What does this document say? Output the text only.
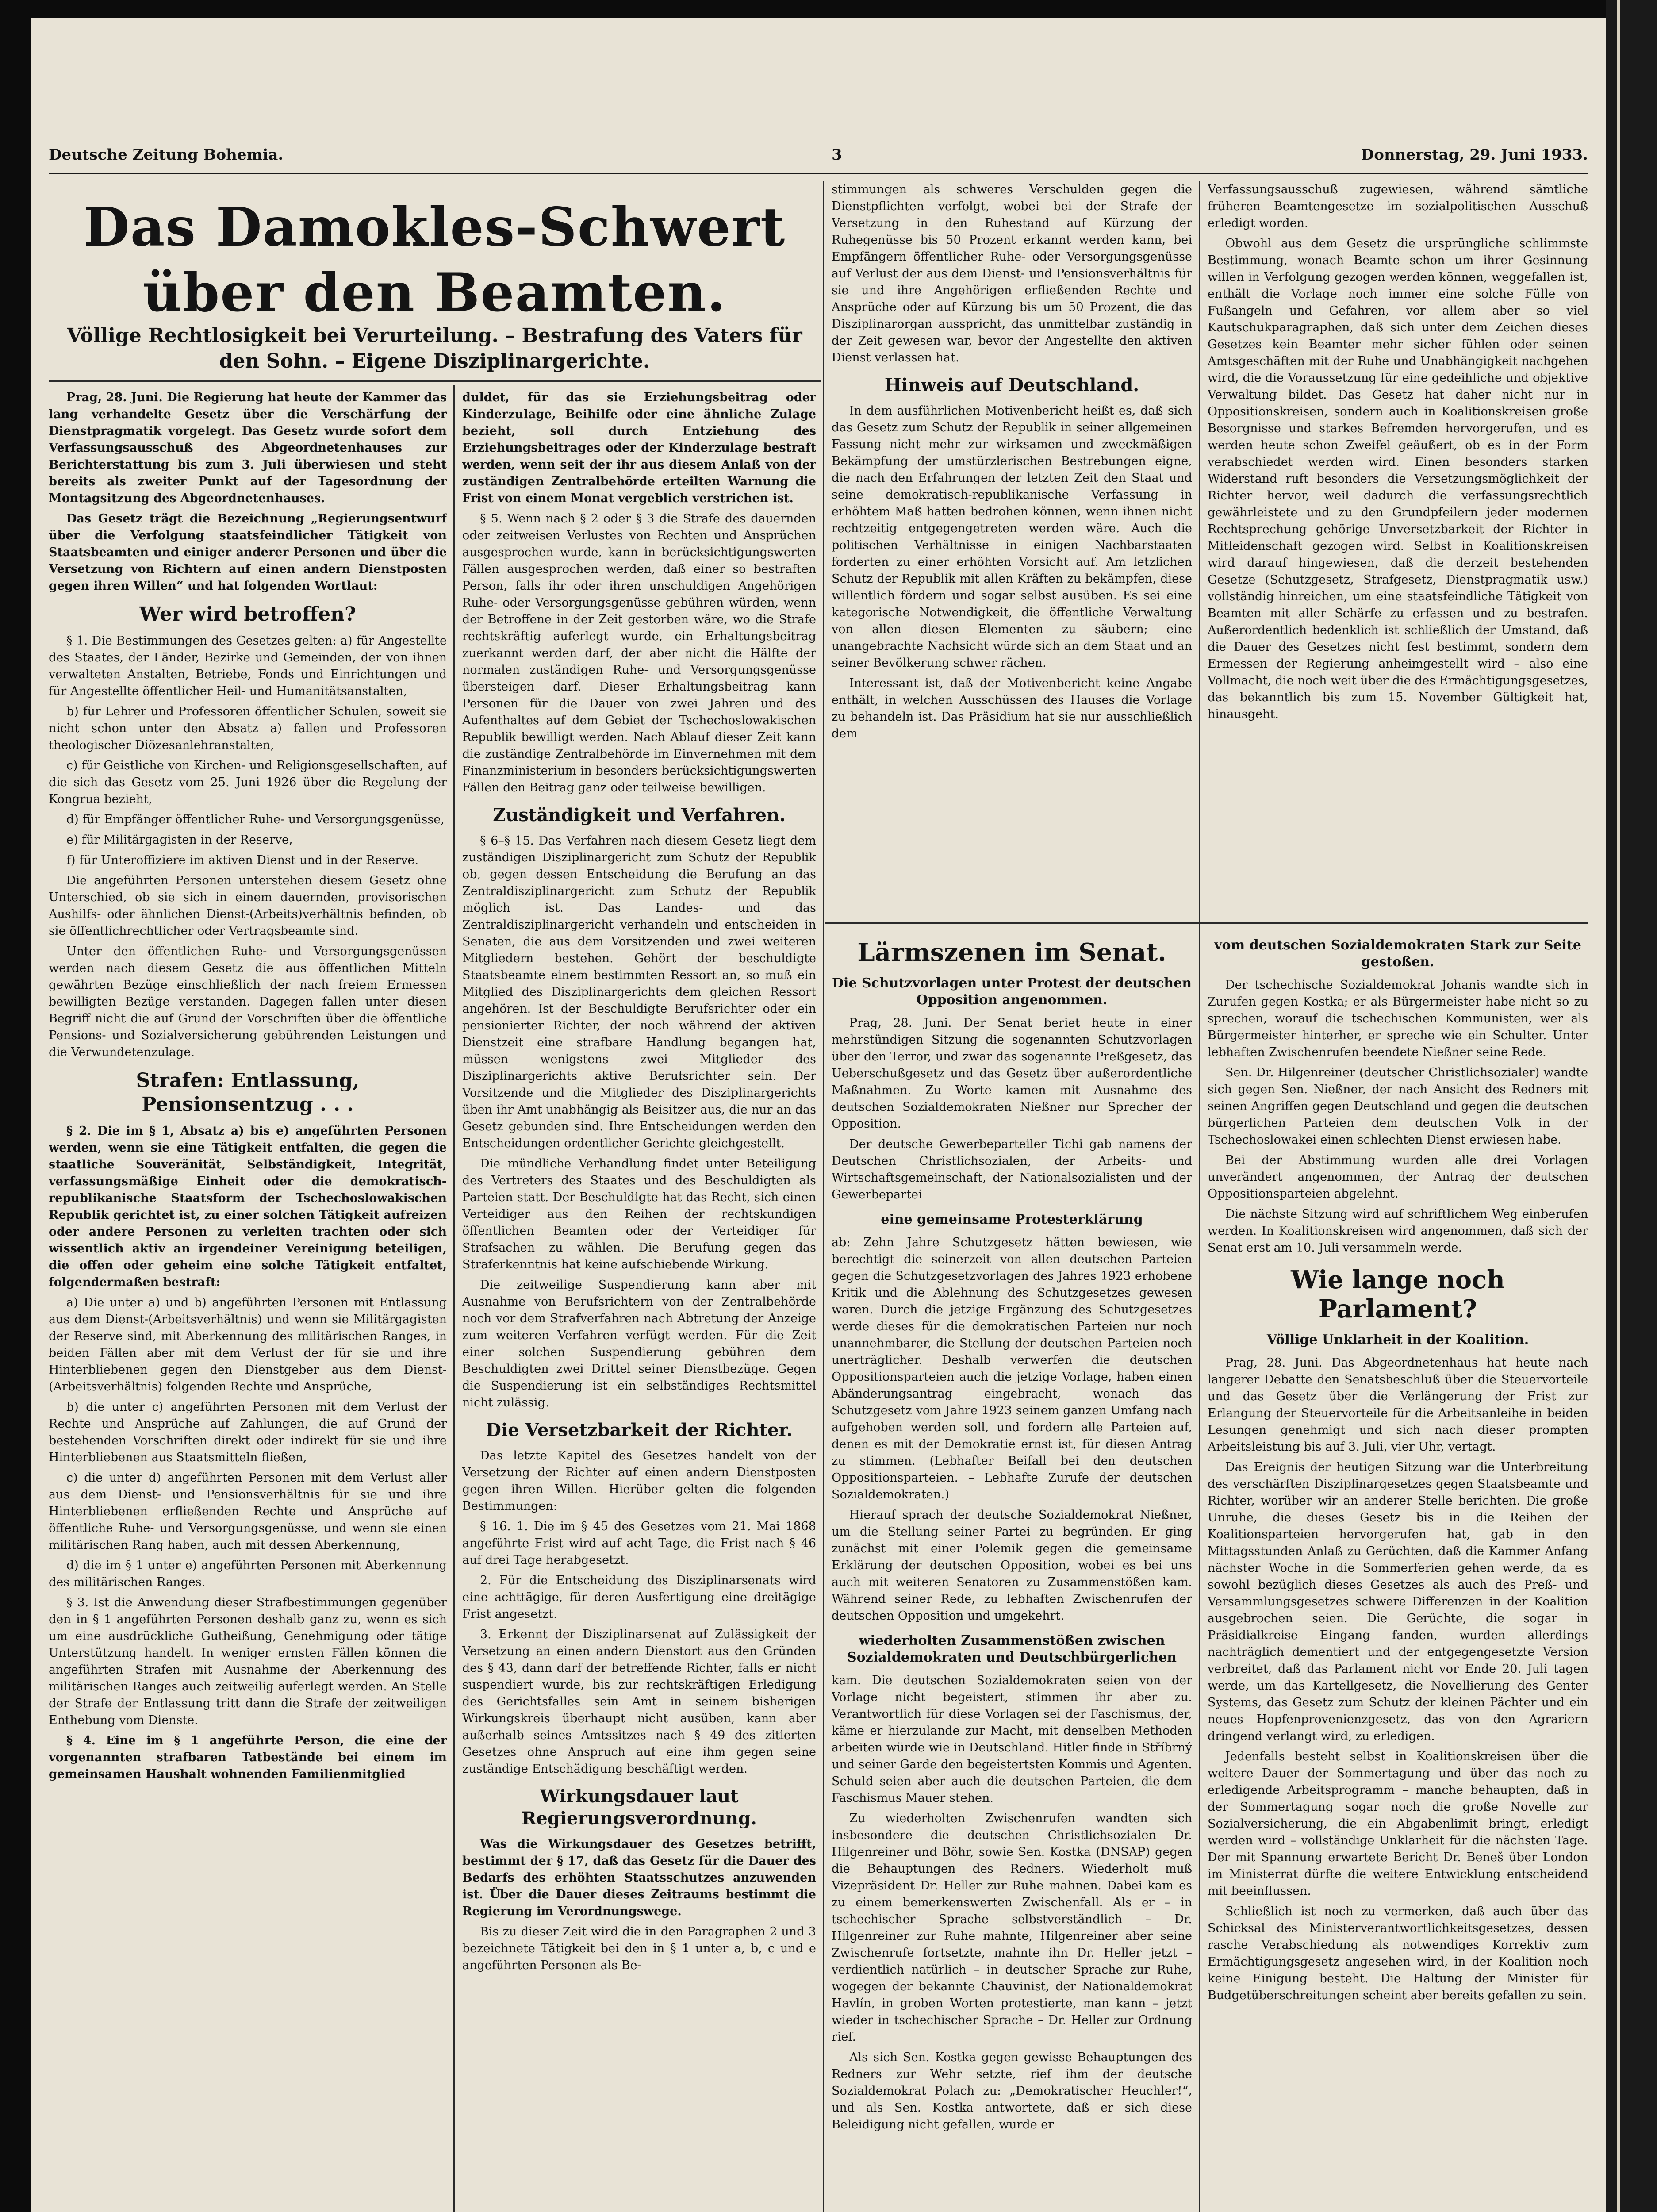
Deutsche Zeitung Bohemia.	3	Donnerstag, 29. Juni 1933.
Das Damokles-Schwert über den Beamten.
Völlige Rechtlosigkeit bei Verurteilung. – Bestrafung des Vaters für den Sohn. – Eigene Disziplinargerichte.

Prag, 28. Juni. Die Regierung hat heute der Kammer das lang verhandelte Gesetz über die Verschärfung der Dienstpragmatik vorgelegt. Das Gesetz wurde sofort dem Verfassungsausschuß des Abgeordnetenhauses zur Berichterstattung bis zum 3. Juli überwiesen und steht bereits als zweiter Punkt auf der Tagesordnung der Montagsitzung des Abgeordnetenhauses.

Das Gesetz trägt die Bezeichnung „Regierungsentwurf über die Verfolgung staatsfeindlicher Tätigkeit von Staatsbeamten und einiger anderer Personen und über die Versetzung von Richtern auf einen andern Dienstposten gegen ihren Willen“ und hat folgenden Wortlaut:

Wer wird betroffen?

§ 1. Die Bestimmungen des Gesetzes gelten: a) für Angestellte des Staates, der Länder, Bezirke und Gemeinden, der von ihnen verwalteten Anstalten, Betriebe, Fonds und Einrichtungen und für Angestellte öffentlicher Heil- und Humanitätsanstalten,

b) für Lehrer und Professoren öffentlicher Schulen, soweit sie nicht schon unter den Absatz a) fallen und Professoren theologischer Diözesanlehranstalten,

c) für Geistliche von Kirchen- und Religionsgesellschaften, auf die sich das Gesetz vom 25. Juni 1926 über die Regelung der Kongrua bezieht,

d) für Empfänger öffentlicher Ruhe- und Versorgungsgenüsse,

e) für Militärgagisten in der Reserve,

f) für Unteroffiziere im aktiven Dienst und in der Reserve.

Die angeführten Personen unterstehen diesem Gesetz ohne Unterschied, ob sie sich in einem dauernden, provisorischen Aushilfs- oder ähnlichen Dienst-(Arbeits)verhältnis befinden, ob sie öffentlichrechtlicher oder Vertragsbeamte sind.

Unter den öffentlichen Ruhe- und Versorgungsgenüssen werden nach diesem Gesetz die aus öffentlichen Mitteln gewährten Bezüge einschließlich der nach freiem Ermessen bewilligten Bezüge verstanden. Dagegen fallen unter diesen Begriff nicht die auf Grund der Vorschriften über die öffentliche Pensions- und Sozialversicherung gebührenden Leistungen und die Verwundetenzulage.

Strafen: Entlassung, Pensionsentzug . . .

§ 2. Die im § 1, Absatz a) bis e) angeführten Personen werden, wenn sie eine Tätigkeit entfalten, die gegen die staatliche Souveränität, Selbständigkeit, Integrität, verfassungsmäßige Einheit oder die demokratisch-republikanische Staatsform der Tschechoslowakischen Republik gerichtet ist, zu einer solchen Tätigkeit aufreizen oder andere Personen zu verleiten trachten oder sich wissentlich aktiv an irgendeiner Vereinigung beteiligen, die offen oder geheim eine solche Tätigkeit entfaltet, folgendermaßen bestraft:

a) Die unter a) und b) angeführten Personen mit Entlassung aus dem Dienst-(Arbeitsverhältnis) und wenn sie Militärgagisten der Reserve sind, mit Aberkennung des militärischen Ranges, in beiden Fällen aber mit dem Verlust der für sie und ihre Hinterbliebenen gegen den Dienstgeber aus dem Dienst-(Arbeitsverhältnis) folgenden Rechte und Ansprüche,

b) die unter c) angeführten Personen mit dem Verlust der Rechte und Ansprüche auf Zahlungen, die auf Grund der bestehenden Vorschriften direkt oder indirekt für sie und ihre Hinterbliebenen aus Staatsmitteln fließen,

c) die unter d) angeführten Personen mit dem Verlust aller aus dem Dienst- und Pensionsverhältnis für sie und ihre Hinterbliebenen erfließenden Rechte und Ansprüche auf öffentliche Ruhe- und Versorgungsgenüsse, und wenn sie einen militärischen Rang haben, auch mit dessen Aberkennung,

d) die im § 1 unter e) angeführten Personen mit Aberkennung des militärischen Ranges.

§ 3. Ist die Anwendung dieser Strafbestimmungen gegenüber den in § 1 angeführten Personen deshalb ganz zu, wenn es sich um eine ausdrückliche Gutheißung, Genehmigung oder tätige Unterstützung handelt. In weniger ernsten Fällen können die angeführten Strafen mit Ausnahme der Aberkennung des militärischen Ranges auch zeitweilig auferlegt werden. An Stelle der Strafe der Entlassung tritt dann die Strafe der zeitweiligen Enthebung vom Dienste.

§ 4. Eine im § 1 angeführte Person, die eine der vorgenannten strafbaren Tatbestände bei einem im gemeinsamen Haushalt wohnenden Familienmitglied

duldet, für das sie Erziehungsbeitrag oder Kinderzulage, Beihilfe oder eine ähnliche Zulage bezieht, soll durch Entziehung des Erziehungsbeitrages oder der Kinderzulage bestraft werden, wenn seit der ihr aus diesem Anlaß von der zuständigen Zentralbehörde erteilten Warnung die Frist von einem Monat vergeblich verstrichen ist.

§ 5. Wenn nach § 2 oder § 3 die Strafe des dauernden oder zeitweisen Verlustes von Rechten und Ansprüchen ausgesprochen wurde, kann in berücksichtigungswerten Fällen ausgesprochen werden, daß einer so bestraften Person, falls ihr oder ihren unschuldigen Angehörigen Ruhe- oder Versorgungsgenüsse gebühren würden, wenn der Betroffene in der Zeit gestorben wäre, wo die Strafe rechtskräftig auferlegt wurde, ein Erhaltungsbeitrag zuerkannt werden darf, der aber nicht die Hälfte der normalen zuständigen Ruhe- und Versorgungsgenüsse übersteigen darf. Dieser Erhaltungsbeitrag kann Personen für die Dauer von zwei Jahren und des Aufenthaltes auf dem Gebiet der Tschechoslowakischen Republik bewilligt werden. Nach Ablauf dieser Zeit kann die zuständige Zentralbehörde im Einvernehmen mit dem Finanzministerium in besonders berücksichtigungswerten Fällen den Beitrag ganz oder teilweise bewilligen.

Zuständigkeit und Verfahren.

§ 6–§ 15. Das Verfahren nach diesem Gesetz liegt dem zuständigen Disziplinargericht zum Schutz der Republik ob, gegen dessen Entscheidung die Berufung an das Zentraldisziplinargericht zum Schutz der Republik möglich ist. Das Landes- und das Zentraldisziplinargericht verhandeln und entscheiden in Senaten, die aus dem Vorsitzenden und zwei weiteren Mitgliedern bestehen. Gehört der beschuldigte Staatsbeamte einem bestimmten Ressort an, so muß ein Mitglied des Disziplinargerichts dem gleichen Ressort angehören. Ist der Beschuldigte Berufsrichter oder ein pensionierter Richter, der noch während der aktiven Dienstzeit eine strafbare Handlung begangen hat, müssen wenigstens zwei Mitglieder des Disziplinargerichts aktive Berufsrichter sein. Der Vorsitzende und die Mitglieder des Disziplinargerichts üben ihr Amt unabhängig als Beisitzer aus, die nur an das Gesetz gebunden sind. Ihre Entscheidungen werden den Entscheidungen ordentlicher Gerichte gleichgestellt.

Die mündliche Verhandlung findet unter Beteiligung des Vertreters des Staates und des Beschuldigten als Parteien statt. Der Beschuldigte hat das Recht, sich einen Verteidiger aus den Reihen der rechtskundigen öffentlichen Beamten oder der Verteidiger für Strafsachen zu wählen. Die Berufung gegen das Straferkenntnis hat keine aufschiebende Wirkung.

Die zeitweilige Suspendierung kann aber mit Ausnahme von Berufsrichtern von der Zentralbehörde noch vor dem Strafverfahren nach Abtretung der Anzeige zum weiteren Verfahren verfügt werden. Für die Zeit einer solchen Suspendierung gebühren dem Beschuldigten zwei Drittel seiner Dienstbezüge. Gegen die Suspendierung ist ein selbständiges Rechtsmittel nicht zulässig.

Die Versetzbarkeit der Richter.

Das letzte Kapitel des Gesetzes handelt von der Versetzung der Richter auf einen andern Dienstposten gegen ihren Willen. Hierüber gelten die folgenden Bestimmungen:

§ 16. 1. Die im § 45 des Gesetzes vom 21. Mai 1868 angeführte Frist wird auf acht Tage, die Frist nach § 46 auf drei Tage herabgesetzt.

2. Für die Entscheidung des Disziplinarsenats wird eine achttägige, für deren Ausfertigung eine dreitägige Frist angesetzt.

3. Erkennt der Disziplinarsenat auf Zulässigkeit der Versetzung an einen andern Dienstort aus den Gründen des § 43, dann darf der betreffende Richter, falls er nicht suspendiert wurde, bis zur rechtskräftigen Erledigung des Gerichtsfalles sein Amt in seinem bisherigen Wirkungskreis überhaupt nicht ausüben, kann aber außerhalb seines Amtssitzes nach § 49 des zitierten Gesetzes ohne Anspruch auf eine ihm gegen seine zuständige Entschädigung beschäftigt werden.

Wirkungsdauer laut Regierungsverordnung.

Was die Wirkungsdauer des Gesetzes betrifft, bestimmt der § 17, daß das Gesetz für die Dauer des Bedarfs des erhöhten Staatsschutzes anzuwenden ist. Über die Dauer dieses Zeitraums bestimmt die Regierung im Verordnungswege.

Bis zu dieser Zeit wird die in den Paragraphen 2 und 3 bezeichnete Tätigkeit bei den in § 1 unter a, b, c und e angeführten Personen als Be-

stimmungen als schweres Verschulden gegen die Dienstpflichten verfolgt, wobei bei der Strafe der Versetzung in den Ruhestand auf Kürzung der Ruhegenüsse bis 50 Prozent erkannt werden kann, bei Empfängern öffentlicher Ruhe- oder Versorgungsgenüsse auf Verlust der aus dem Dienst- und Pensionsverhältnis für sie und ihre Angehörigen erfließenden Rechte und Ansprüche oder auf Kürzung bis um 50 Prozent, die das Disziplinarorgan ausspricht, das unmittelbar zuständig in der Zeit gewesen war, bevor der Angestellte den aktiven Dienst verlassen hat.

Hinweis auf Deutschland.

In dem ausführlichen Motivenbericht heißt es, daß sich das Gesetz zum Schutz der Republik in seiner allgemeinen Fassung nicht mehr zur wirksamen und zweckmäßigen Bekämpfung der umstürzlerischen Bestrebungen eigne, die nach den Erfahrungen der letzten Zeit den Staat und seine demokratisch-republikanische Verfassung in erhöhtem Maß hatten bedrohen können, wenn ihnen nicht rechtzeitig entgegengetreten werden wäre. Auch die politischen Verhältnisse in einigen Nachbarstaaten forderten zu einer erhöhten Vorsicht auf. Am letzlichen Schutz der Republik mit allen Kräften zu bekämpfen, diese willentlich fördern und sogar selbst ausüben. Es sei eine kategorische Notwendigkeit, die öffentliche Verwaltung von allen diesen Elementen zu säubern; eine unangebrachte Nachsicht würde sich an dem Staat und an seiner Bevölkerung schwer rächen.

Interessant ist, daß der Motivenbericht keine Angabe enthält, in welchen Ausschüssen des Hauses die Vorlage zu behandeln ist. Das Präsidium hat sie nur ausschließlich dem

Verfassungsausschuß zugewiesen, während sämtliche früheren Beamtengesetze im sozialpolitischen Ausschuß erledigt worden.

Obwohl aus dem Gesetz die ursprüngliche schlimmste Bestimmung, wonach Beamte schon um ihrer Gesinnung willen in Verfolgung gezogen werden können, weggefallen ist, enthält die Vorlage noch immer eine solche Fülle von Fußangeln und Gefahren, vor allem aber so viel Kautschukparagraphen, daß sich unter dem Zeichen dieses Gesetzes kein Beamter mehr sicher fühlen oder seinen Amtsgeschäften mit der Ruhe und Unabhängigkeit nachgehen wird, die die Voraussetzung für eine gedeihliche und objektive Verwaltung bildet. Das Gesetz hat daher nicht nur in Oppositionskreisen, sondern auch in Koalitionskreisen große Besorgnisse und starkes Befremden hervorgerufen, und es werden heute schon Zweifel geäußert, ob es in der Form verabschiedet werden wird. Einen besonders starken Widerstand ruft besonders die Versetzungsmöglichkeit der Richter hervor, weil dadurch die verfassungsrechtlich gewährleistete und zu den Grundpfeilern jeder modernen Rechtsprechung gehörige Unversetzbarkeit der Richter in Mitleidenschaft gezogen wird. Selbst in Koalitionskreisen wird darauf hingewiesen, daß die derzeit bestehenden Gesetze (Schutzgesetz, Strafgesetz, Dienstpragmatik usw.) vollständig hinreichen, um eine staatsfeindliche Tätigkeit von Beamten mit aller Schärfe zu erfassen und zu bestrafen. Außerordentlich bedenklich ist schließlich der Umstand, daß die Dauer des Gesetzes nicht fest bestimmt, sondern dem Ermessen der Regierung anheimgestellt wird – also eine Vollmacht, die noch weit über die des Ermächtigungsgesetzes, das bekanntlich bis zum 15. November Gültigkeit hat, hinausgeht.

Lärmszenen im Senat.
Die Schutzvorlagen unter Protest der deutschen Opposition angenommen.

Prag, 28. Juni. Der Senat beriet heute in einer mehrstündigen Sitzung die sogenannten Schutzvorlagen über den Terror, und zwar das sogenannte Preßgesetz, das Ueberschußgesetz und das Gesetz über außerordentliche Maßnahmen. Zu Worte kamen mit Ausnahme des deutschen Sozialdemokraten Nießner nur Sprecher der Opposition.

Der deutsche Gewerbeparteiler Tichi gab namens der Deutschen Christlichsozialen, der Arbeits- und Wirtschaftsgemeinschaft, der Nationalsozialisten und der Gewerbepartei

eine gemeinsame Protesterklärung

ab: Zehn Jahre Schutzgesetz hätten bewiesen, wie berechtigt die seinerzeit von allen deutschen Parteien gegen die Schutzgesetzvorlagen des Jahres 1923 erhobene Kritik und die Ablehnung des Schutzgesetzes gewesen waren. Durch die jetzige Ergänzung des Schutzgesetzes werde dieses für die demokratischen Parteien nur noch unannehmbarer, die Stellung der deutschen Parteien noch unerträglicher. Deshalb verwerfen die deutschen Oppositionsparteien auch die jetzige Vorlage, haben einen Abänderungsantrag eingebracht, wonach das Schutzgesetz vom Jahre 1923 seinem ganzen Umfang nach aufgehoben werden soll, und fordern alle Parteien auf, denen es mit der Demokratie ernst ist, für diesen Antrag zu stimmen. (Lebhafter Beifall bei den deutschen Oppositionsparteien. – Lebhafte Zurufe der deutschen Sozialdemokraten.)

Hierauf sprach der deutsche Sozialdemokrat Nießner, um die Stellung seiner Partei zu begründen. Er ging zunächst mit einer Polemik gegen die gemeinsame Erklärung der deutschen Opposition, wobei es bei uns auch mit weiteren Senatoren zu Zusammenstößen kam. Während seiner Rede, zu lebhaften Zwischenrufen der deutschen Opposition und umgekehrt.

wiederholten Zusammenstößen zwischen Sozialdemokraten und Deutschbürgerlichen

kam. Die deutschen Sozialdemokraten seien von der Vorlage nicht begeistert, stimmen ihr aber zu. Verantwortlich für diese Vorlagen sei der Faschismus, der, käme er hierzulande zur Macht, mit denselben Methoden arbeiten würde wie in Deutschland. Hitler finde in Stříbrný und seiner Garde den begeistertsten Kommis und Agenten. Schuld seien aber auch die deutschen Parteien, die dem Faschismus Mauer stehen.

Zu wiederholten Zwischenrufen wandten sich insbesondere die deutschen Christlichsozialen Dr. Hilgenreiner und Böhr, sowie Sen. Kostka (DNSAP) gegen die Behauptungen des Redners. Wiederholt muß Vizepräsident Dr. Heller zur Ruhe mahnen. Dabei kam es zu einem bemerkenswerten Zwischenfall. Als er – in tschechischer Sprache selbstverständlich – Dr. Hilgenreiner zur Ruhe mahnte, Hilgenreiner aber seine Zwischenrufe fortsetzte, mahnte ihn Dr. Heller jetzt – verdientlich natürlich – in deutscher Sprache zur Ruhe, wogegen der bekannte Chauvinist, der Nationaldemokrat Havlín, in groben Worten protestierte, man kann – jetzt wieder in tschechischer Sprache – Dr. Heller zur Ordnung rief.

Als sich Sen. Kostka gegen gewisse Behauptungen des Redners zur Wehr setzte, rief ihm der deutsche Sozialdemokrat Polach zu: „Demokratischer Heuchler!“, und als Sen. Kostka antwortete, daß er sich diese Beleidigung nicht gefallen, wurde er

vom deutschen Sozialdemokraten Stark zur Seite gestoßen.

Der tschechische Sozialdemokrat Johanis wandte sich in Zurufen gegen Kostka; er als Bürgermeister habe nicht so zu sprechen, worauf die tschechischen Kommunisten, wer als Bürgermeister hinterher, er spreche wie ein Schulter. Unter lebhaften Zwischenrufen beendete Nießner seine Rede.

Sen. Dr. Hilgenreiner (deutscher Christlichsozialer) wandte sich gegen Sen. Nießner, der nach Ansicht des Redners mit seinen Angriffen gegen Deutschland und gegen die deutschen bürgerlichen Parteien dem deutschen Volk in der Tschechoslowakei einen schlechten Dienst erwiesen habe.

Bei der Abstimmung wurden alle drei Vorlagen unverändert angenommen, der Antrag der deutschen Oppositionsparteien abgelehnt.

Die nächste Sitzung wird auf schriftlichem Weg einberufen werden. In Koalitionskreisen wird angenommen, daß sich der Senat erst am 10. Juli versammeln werde.

Wie lange noch Parlament?
Völlige Unklarheit in der Koalition.

Prag, 28. Juni. Das Abgeordnetenhaus hat heute nach langerer Debatte den Senatsbeschluß über die Steuervorteile und das Gesetz über die Verlängerung der Frist zur Erlangung der Steuervorteile für die Arbeitsanleihe in beiden Lesungen genehmigt und sich nach dieser prompten Arbeitsleistung bis auf 3. Juli, vier Uhr, vertagt.

Das Ereignis der heutigen Sitzung war die Unterbreitung des verschärften Disziplinargesetzes gegen Staatsbeamte und Richter, worüber wir an anderer Stelle berichten. Die große Unruhe, die dieses Gesetz bis in die Reihen der Koalitionsparteien hervorgerufen hat, gab in den Mittagsstunden Anlaß zu Gerüchten, daß die Kammer Anfang nächster Woche in die Sommerferien gehen werde, da es sowohl bezüglich dieses Gesetzes als auch des Preß- und Versammlungsgesetzes schwere Differenzen in der Koalition ausgebrochen seien. Die Gerüchte, die sogar in Präsidialkreise Eingang fanden, wurden allerdings nachträglich dementiert und der entgegengesetzte Version verbreitet, daß das Parlament nicht vor Ende 20. Juli tagen werde, um das Kartellgesetz, die Novellierung des Genter Systems, das Gesetz zum Schutz der kleinen Pächter und ein neues Hopfenprovenienzgesetz, das von den Agrariern dringend verlangt wird, zu erledigen.

Jedenfalls besteht selbst in Koalitionskreisen über die weitere Dauer der Sommertagung und über das noch zu erledigende Arbeitsprogramm – manche behaupten, daß in der Sommertagung sogar noch die große Novelle zur Sozialversicherung, die ein Abgabenlimit bringt, erledigt werden wird – vollständige Unklarheit für die nächsten Tage. Der mit Spannung erwartete Bericht Dr. Beneš über London im Ministerrat dürfte die weitere Entwicklung entscheidend mit beeinflussen.

Schließlich ist noch zu vermerken, daß auch über das Schicksal des Ministerverantwortlichkeitsgesetzes, dessen rasche Verabschiedung als notwendiges Korrektiv zum Ermächtigungsgesetz angesehen wird, in der Koalition noch keine Einigung besteht. Die Haltung der Minister für Budgetüberschreitungen scheint aber bereits gefallen zu sein.
